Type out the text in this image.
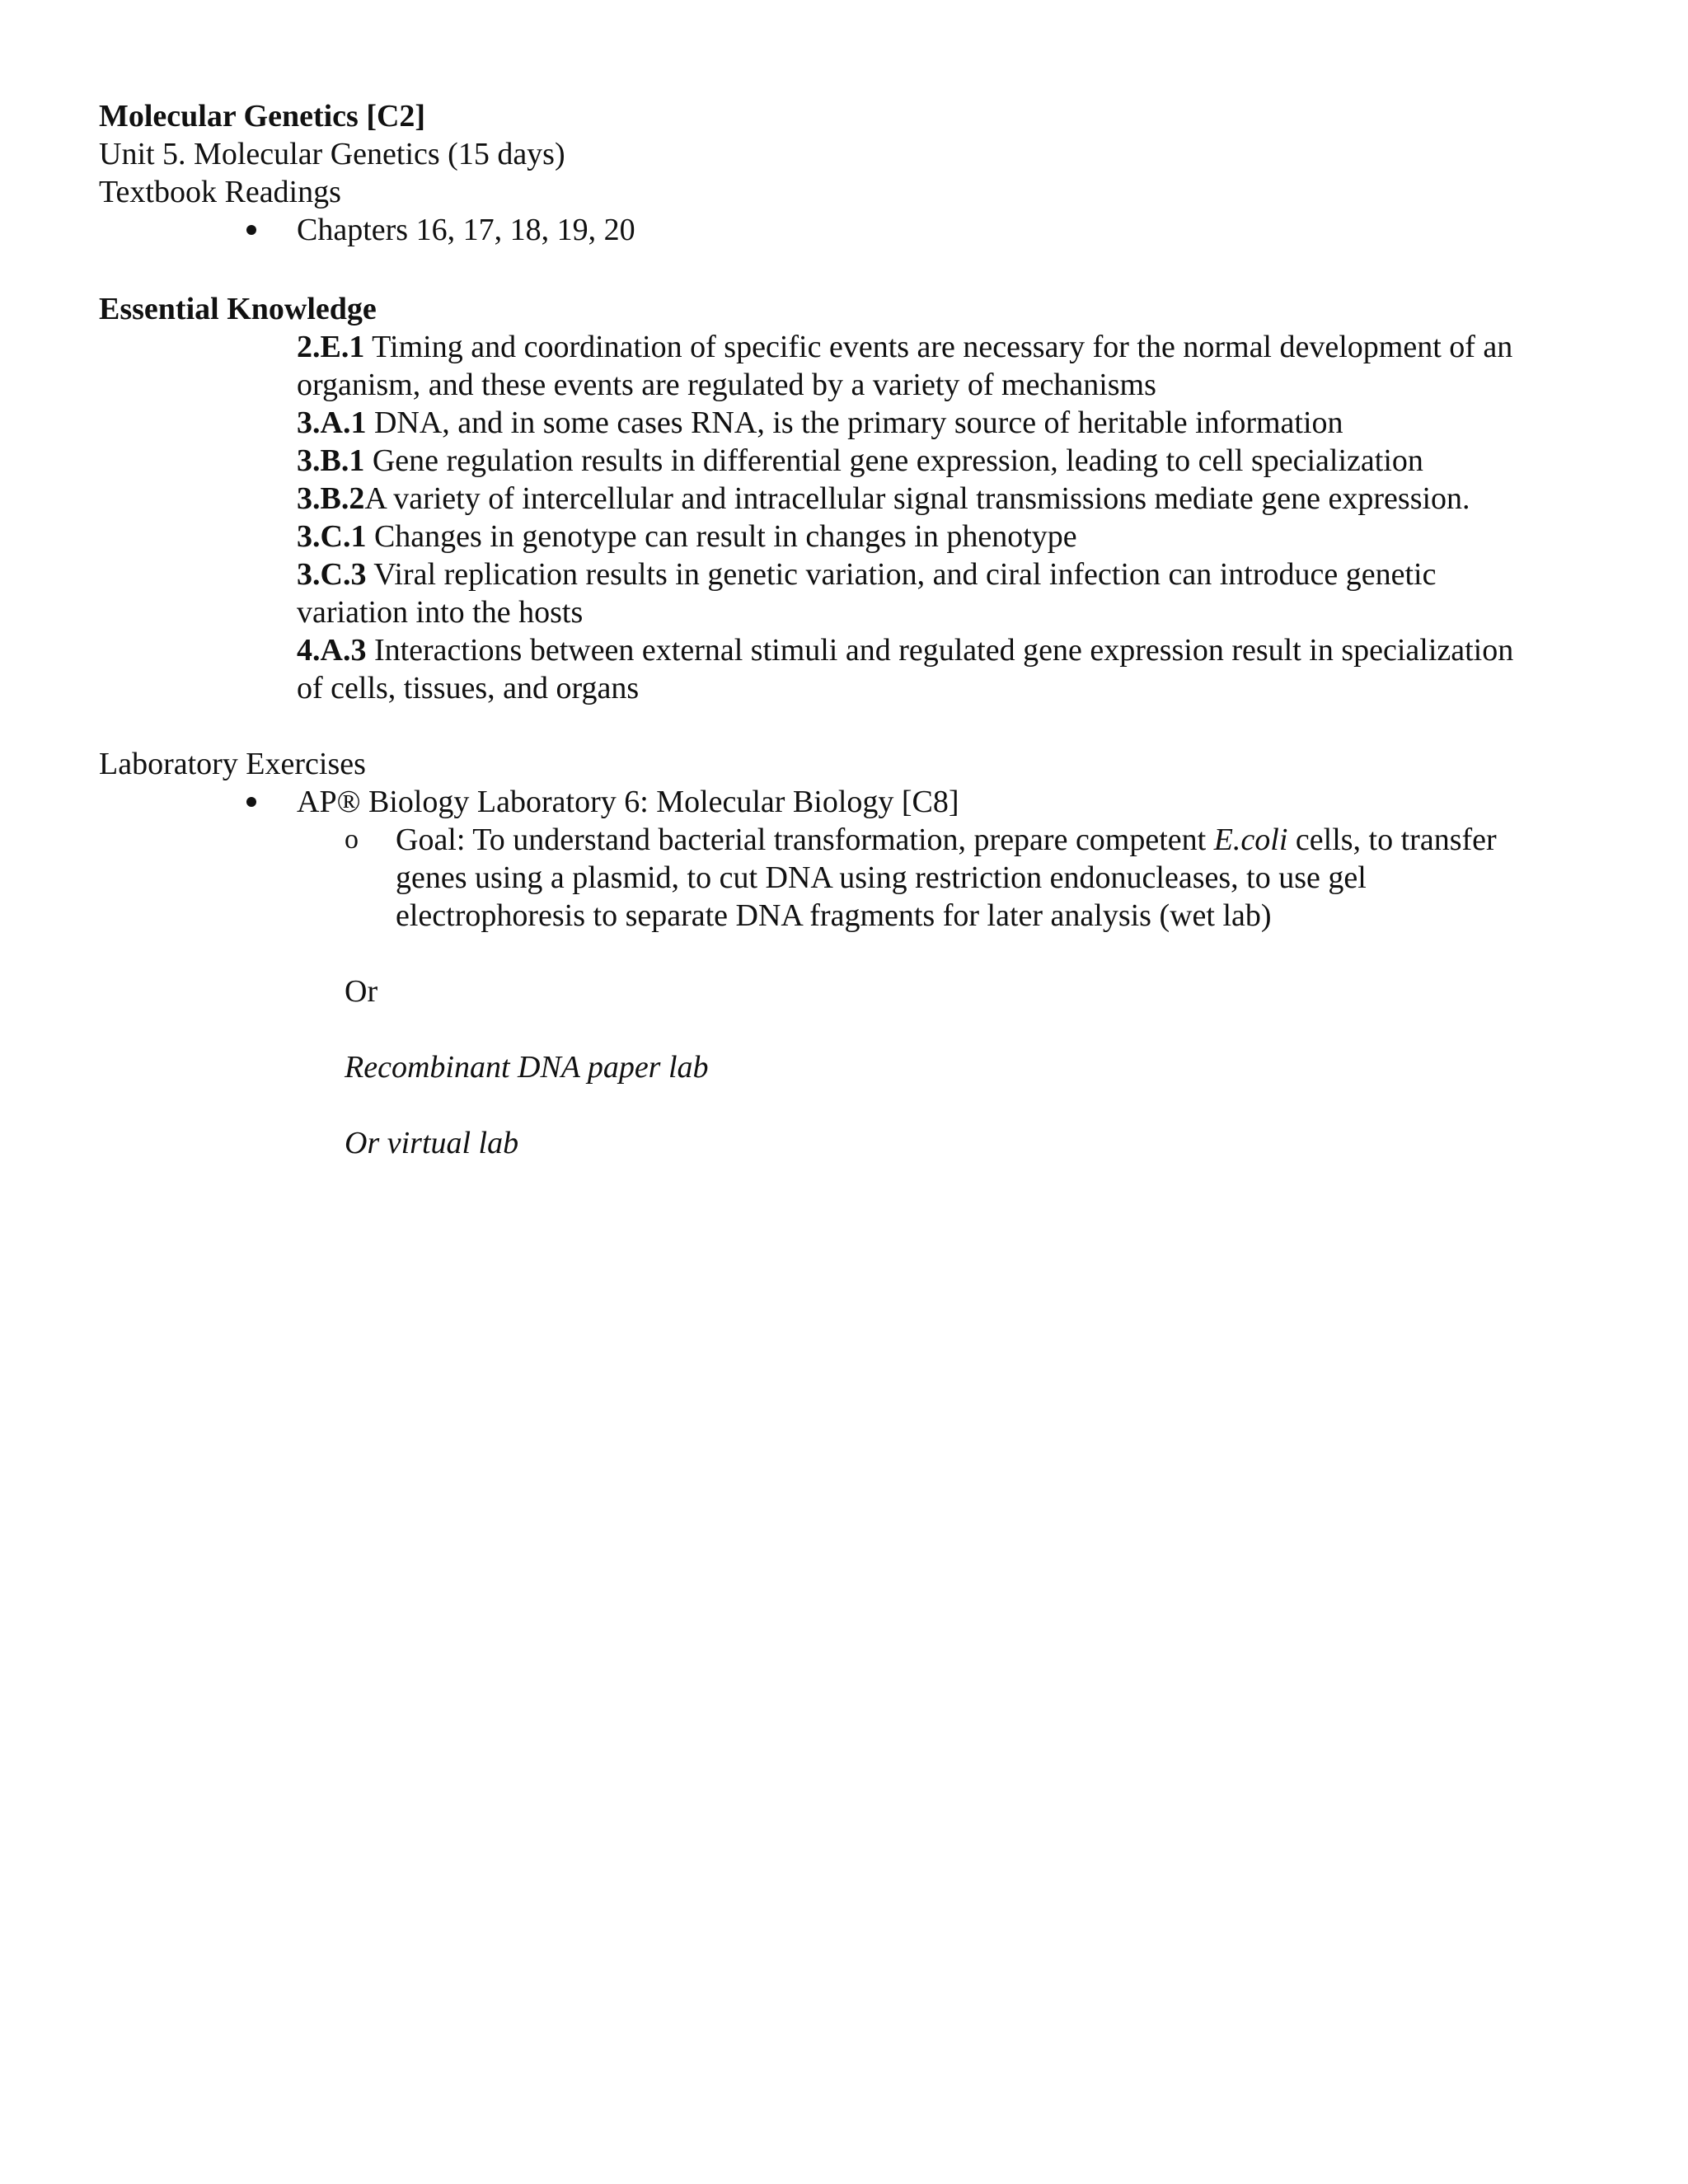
Molecular Genetics [C2]
Unit 5. Molecular Genetics (15 days)
Textbook Readings
Chapters 16, 17, 18, 19, 20
Essential Knowledge
2.E.1 Timing and coordination of specific events are necessary for the normal development of an
organism, and these events are regulated by a variety of mechanisms
3.A.1 DNA, and in some cases RNA, is the primary source of heritable information
3.B.1 Gene regulation results in differential gene expression, leading to cell specialization
3.B.2A variety of intercellular and intracellular signal transmissions mediate gene expression.
3.C.1 Changes in genotype can result in changes in phenotype
3.C.3 Viral replication results in genetic variation, and ciral infection can introduce genetic
variation into the hosts
4.A.3 Interactions between external stimuli and regulated gene expression result in specialization
of cells, tissues, and organs
Laboratory Exercises
AP® Biology Laboratory 6: Molecular Biology [C8]
o Goal: To understand bacterial transformation, prepare competent E.coli cells, to transfer
genes using a plasmid, to cut DNA using restriction endonucleases, to use gel
electrophoresis to separate DNA fragments for later analysis (wet lab)
Or
Recombinant DNA paper lab
Or virtual lab
